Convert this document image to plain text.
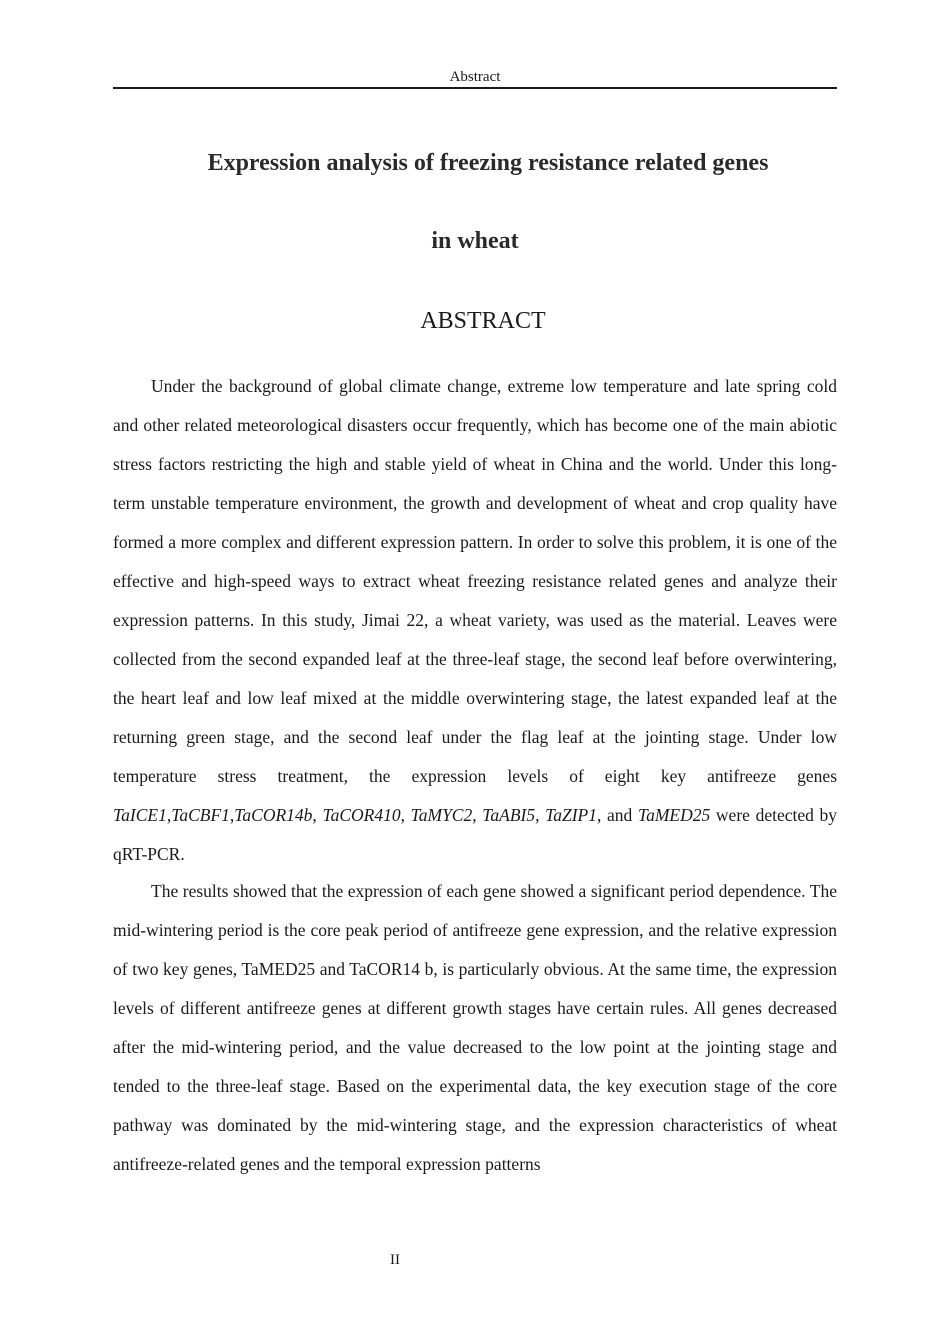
Abstract
Expression analysis of freezing resistance related genes
in wheat
ABSTRACT

Under the background of global climate change, extreme low temperature and late spring cold and other related meteorological disasters occur frequently, which has become one of the main abiotic stress factors restricting the high and stable yield of wheat in China and the world. Under this long-term unstable temperature environment, the growth and development of wheat and crop quality have formed a more complex and different expression pattern. In order to solve this problem, it is one of the effective and high-speed ways to extract wheat freezing resistance related genes and analyze their expression patterns. In this study, Jimai 22, a wheat variety, was used as the material. Leaves were collected from the second expanded leaf at the three-leaf stage, the second leaf before overwintering, the heart leaf and low leaf mixed at the middle overwintering stage, the latest expanded leaf at the returning green stage, and the second leaf under the flag leaf at the jointing stage. Under low temperature stress treatment, the expression levels of eight key antifreeze genes TaICE1,TaCBF1,TaCOR14b, TaCOR410, TaMYC2, TaABI5, TaZIP1, and TaMED25 were detected by qRT-PCR.

The results showed that the expression of each gene showed a significant period dependence. The mid-wintering period is the core peak period of antifreeze gene expression, and the relative expression of two key genes, TaMED25 and TaCOR14 b, is particularly obvious. At the same time, the expression levels of different antifreeze genes at different growth stages have certain rules. All genes decreased after the mid-wintering period, and the value decreased to the low point at the jointing stage and tended to the three-leaf stage. Based on the experimental data, the key execution stage of the core pathway was dominated by the mid-wintering stage, and the expression characteristics of wheat antifreeze-related genes and the temporal expression patterns

II
